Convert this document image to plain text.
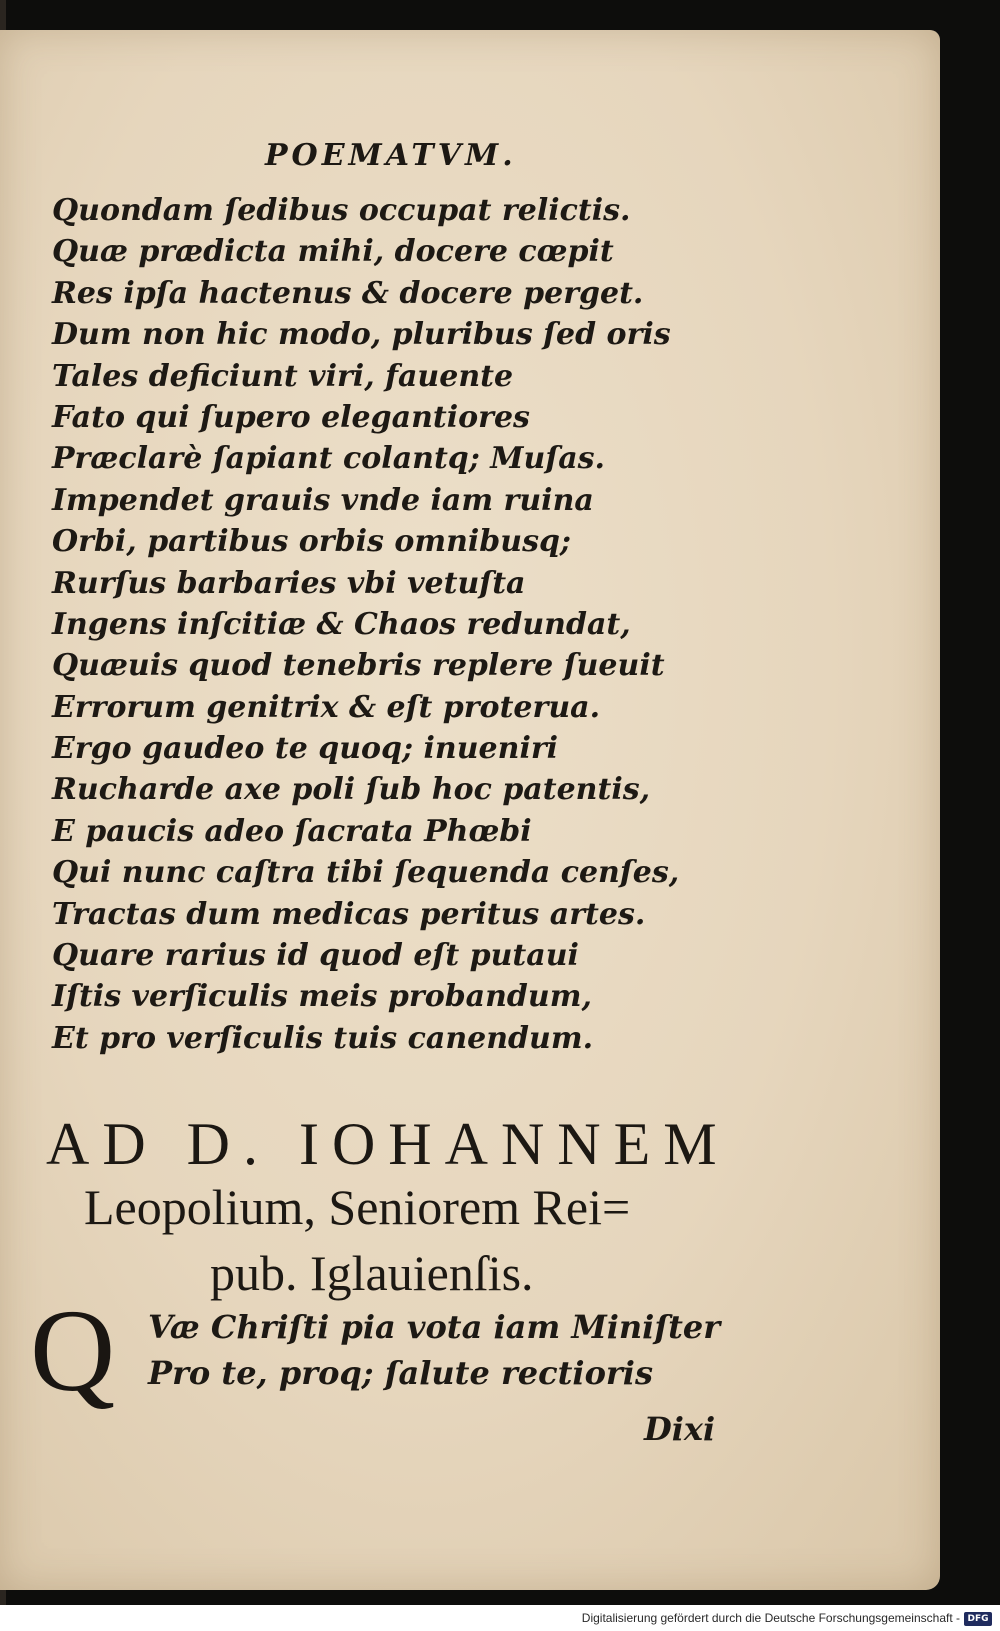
POEMATVM.
Quondam ſedibus occupat relictis.
Quæ prædicta mihi, docere cœpit
Res ipſa hactenus & docere perget.
Dum non hic modo, pluribus ſed oris
Tales deficiunt viri, fauente
Fato qui ſupero elegantiores
Præclarè ſapiant colantq; Muſas.
Impendet grauis vnde iam ruina
Orbi, partibus orbis omnibusq;
Rurſus barbaries vbi vetuſta
Ingens inſcitiæ & Chaos redundat,
Quæuis quod tenebris replere ſueuit
Errorum genitrix & eſt proterua.
Ergo gaudeo te quoq; inueniri
Rucharde axe poli ſub hoc patentis,
E paucis adeo ſacrata Phœbi
Qui nunc caſtra tibi ſequenda cenſes,
Tractas dum medicas peritus artes.
Quare rarius id quod eſt putaui
Iſtis verſiculis meis probandum,
Et pro verſiculis tuis canendum.
AD D. IOHANNEM
Leopolium, Seniorem Rei=
pub. Iglauienſis.
Q Væ Chriſti pia vota iam Miniſter
Pro te, proq; ſalute rectioris
Dixi
Digitalisierung gefördert durch die Deutsche Forschungsgemeinschaft - DFG
